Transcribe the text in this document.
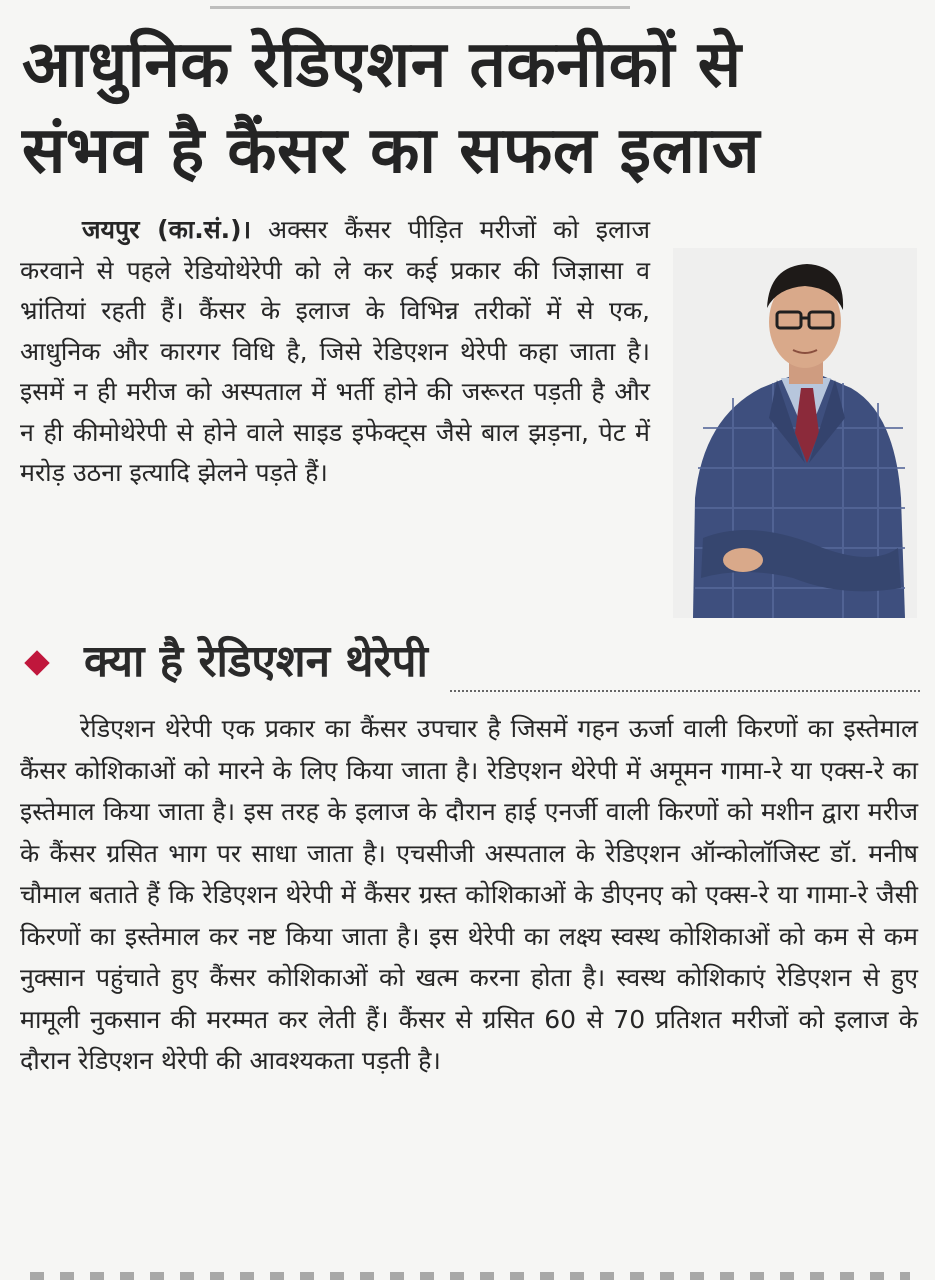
आधुनिक रेडिएशन तकनीकों से
संभव है कैंसर का सफल इलाज
जयपुर (का.सं.)। अक्सर कैंसर पीड़ित मरीजों को इलाज करवाने से पहले रेडियोथेरेपी को ले कर कई प्रकार की जिज्ञासा व भ्रांतियां रहती हैं। कैंसर के इलाज के विभिन्न तरीकों में से एक, आधुनिक और कारगर विधि है, जिसे रेडिएशन थेरेपी कहा जाता है। इसमें न ही मरीज को अस्पताल में भर्ती होने की जरूरत पड़ती है और न ही कीमोथेरेपी से होने वाले साइड इफेक्ट्स जैसे बाल झड़ना, पेट में मरोड़ उठना इत्यादि झेलने पड़ते हैं।
क्या है रेडिएशन थेरेपी
रेडिएशन थेरेपी एक प्रकार का कैंसर उपचार है जिसमें गहन ऊर्जा वाली किरणों का इस्तेमाल कैंसर कोशिकाओं को मारने के लिए किया जाता है। रेडिएशन थेरेपी में अमूमन गामा-रे या एक्स-रे का इस्तेमाल किया जाता है। इस तरह के इलाज के दौरान हाई एनर्जी वाली किरणों को मशीन द्वारा मरीज के कैंसर ग्रसित भाग पर साधा जाता है। एचसीजी अस्पताल के रेडिएशन ऑन्कोलॉजिस्ट डॉ. मनीष चौमाल बताते हैं कि रेडिएशन थेरेपी में कैंसर ग्रस्त कोशिकाओं के डीएनए को एक्स-रे या गामा-रे जैसी किरणों का इस्तेमाल कर नष्ट किया जाता है। इस थेरेपी का लक्ष्य स्वस्थ कोशिकाओं को कम से कम नुक्सान पहुंचाते हुए कैंसर कोशिकाओं को खत्म करना होता है। स्वस्थ कोशिकाएं रेडिएशन से हुए मामूली नुकसान की मरम्मत कर लेती हैं। कैंसर से ग्रसित 60 से 70 प्रतिशत मरीजों को इलाज के दौरान रेडिएशन थेरेपी की आवश्यकता पड़ती है।
